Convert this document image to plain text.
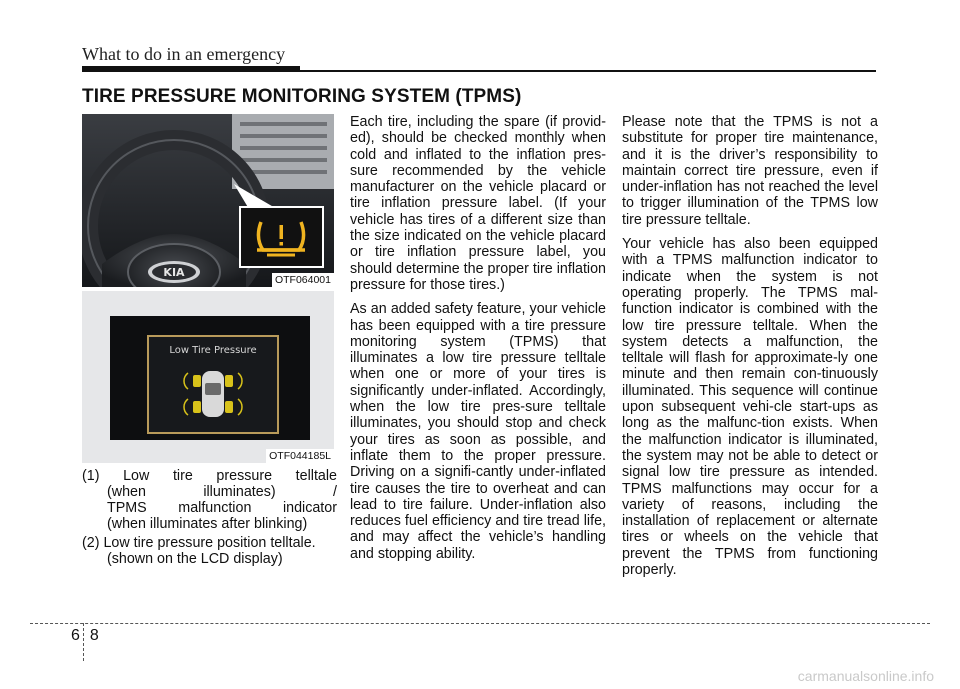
What to do in an emergency
TIRE PRESSURE MONITORING SYSTEM (TPMS)
KIA
OTF064001
Low Tire Pressure
OTF044185L
(1) Low tire pressure telltale
(when illuminates) /
TPMS malfunction indicator
(when illuminates after blinking)
(2) Low tire pressure position telltale.
(shown on the LCD display)

Each tire, including the spare (if provid-ed), should be checked monthly when cold and inflated to the inflation pres-sure recommended by the vehicle manufacturer on the vehicle placard or tire inflation pressure label. (If your vehicle has tires of a different size than the size indicated on the vehicle placard or tire inflation pressure label, you should determine the proper tire inflation pressure for those tires.)

As an added safety feature, your vehicle has been equipped with a tire pressure monitoring system (TPMS) that illuminates a low tire pressure telltale when one or more of your tires is significantly under-inflated. Accordingly, when the low tire pres-sure telltale illuminates, you should stop and check your tires as soon as possible, and inflate them to the proper pressure. Driving on a signifi-cantly under-inflated tire causes the tire to overheat and can lead to tire failure. Under-inflation also reduces fuel efficiency and tire tread life, and may affect the vehicle’s handling and stopping ability.

Please note that the TPMS is not a substitute for proper tire maintenance, and it is the driver’s responsibility to maintain correct tire pressure, even if under-inflation has not reached the level to trigger illumination of the TPMS low tire pressure telltale.

Your vehicle has also been equipped with a TPMS malfunction indicator to indicate when the system is not operating properly. The TPMS mal-function indicator is combined with the low tire pressure telltale. When the system detects a malfunction, the telltale will flash for approximate-ly one minute and then remain con-tinuously illuminated. This sequence will continue upon subsequent vehi-cle start-ups as long as the malfunc-tion exists. When the malfunction indicator is illuminated, the system may not be able to detect or signal low tire pressure as intended. TPMS malfunctions may occur for a variety of reasons, including the installation of replacement or alternate tires or wheels on the vehicle that prevent the TPMS from functioning properly.

6 8
carmanualsonline.info
